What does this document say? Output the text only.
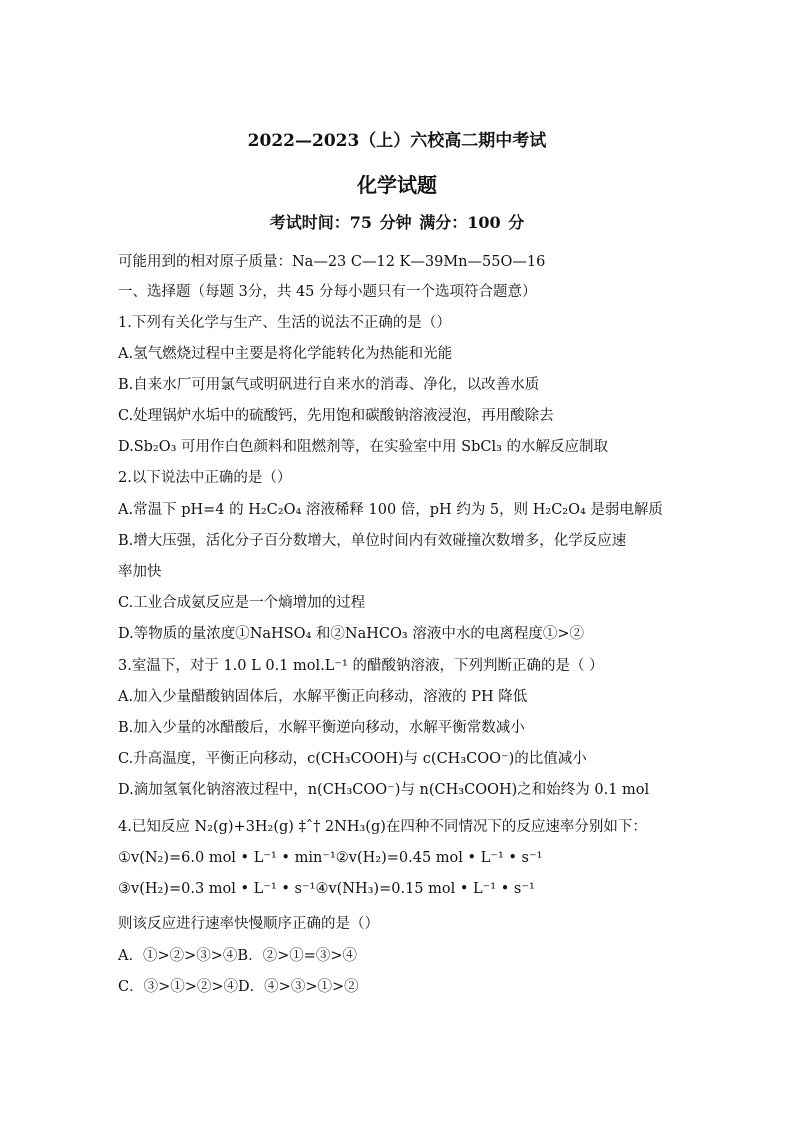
2022—2023（上）六校高二期中考试
化学试题
考试时间：75 分钟 满分：100 分
可能用到的相对原子质量：Na—23 C—12 K—39Mn—55O—16
一、选择题（每题 3分，共 45 分每小题只有一个选项符合题意）
1.下列有关化学与生产、生活的说法不正确的是（）
A.氢气燃烧过程中主要是将化学能转化为热能和光能
B.自来水厂可用氯气或明矾进行自来水的消毒、净化，以改善水质
C.处理锅炉水垢中的硫酸钙，先用饱和碳酸钠溶液浸泡，再用酸除去
D.Sb₂O₃ 可用作白色颜料和阻燃剂等，在实验室中用 SbCl₃ 的水解反应制取
2.以下说法中正确的是（）
A.常温下 pH=4 的 H₂C₂O₄ 溶液稀释 100 倍，pH 约为 5，则 H₂C₂O₄ 是弱电解质
B.增大压强，活化分子百分数增大，单位时间内有效碰撞次数增多，化学反应速
率加快
C.工业合成氨反应是一个熵增加的过程
D.等物质的量浓度①NaHSO₄ 和②NaHCO₃ 溶液中水的电离程度①>②
3.室温下，对于 1.0 L 0.1 mol.L⁻¹ 的醋酸钠溶液，下列判断正确的是（ ）
A.加入少量醋酸钠固体后，水解平衡正向移动，溶液的 PH 降低
B.加入少量的冰醋酸后，水解平衡逆向移动，水解平衡常数减小
C.升高温度，平衡正向移动，c(CH₃COOH)与 c(CH₃COO⁻)的比值减小
D.滴加氢氧化钠溶液过程中，n(CH₃COO⁻)与 n(CH₃COOH)之和始终为 0.1 mol
4.已知反应 N₂(g)+3H₂(g) ‡ˆ† 2NH₃(g)在四种不同情况下的反应速率分别如下：
①v(N₂)=6.0 mol • L⁻¹ • min⁻¹②v(H₂)=0.45 mol • L⁻¹ • s⁻¹
③v(H₂)=0.3 mol • L⁻¹ • s⁻¹④v(NH₃)=0.15 mol • L⁻¹ • s⁻¹
则该反应进行速率快慢顺序正确的是（）
A．①>②>③>④B．②>①=③>④
C．③>①>②>④D．④>③>①>②
